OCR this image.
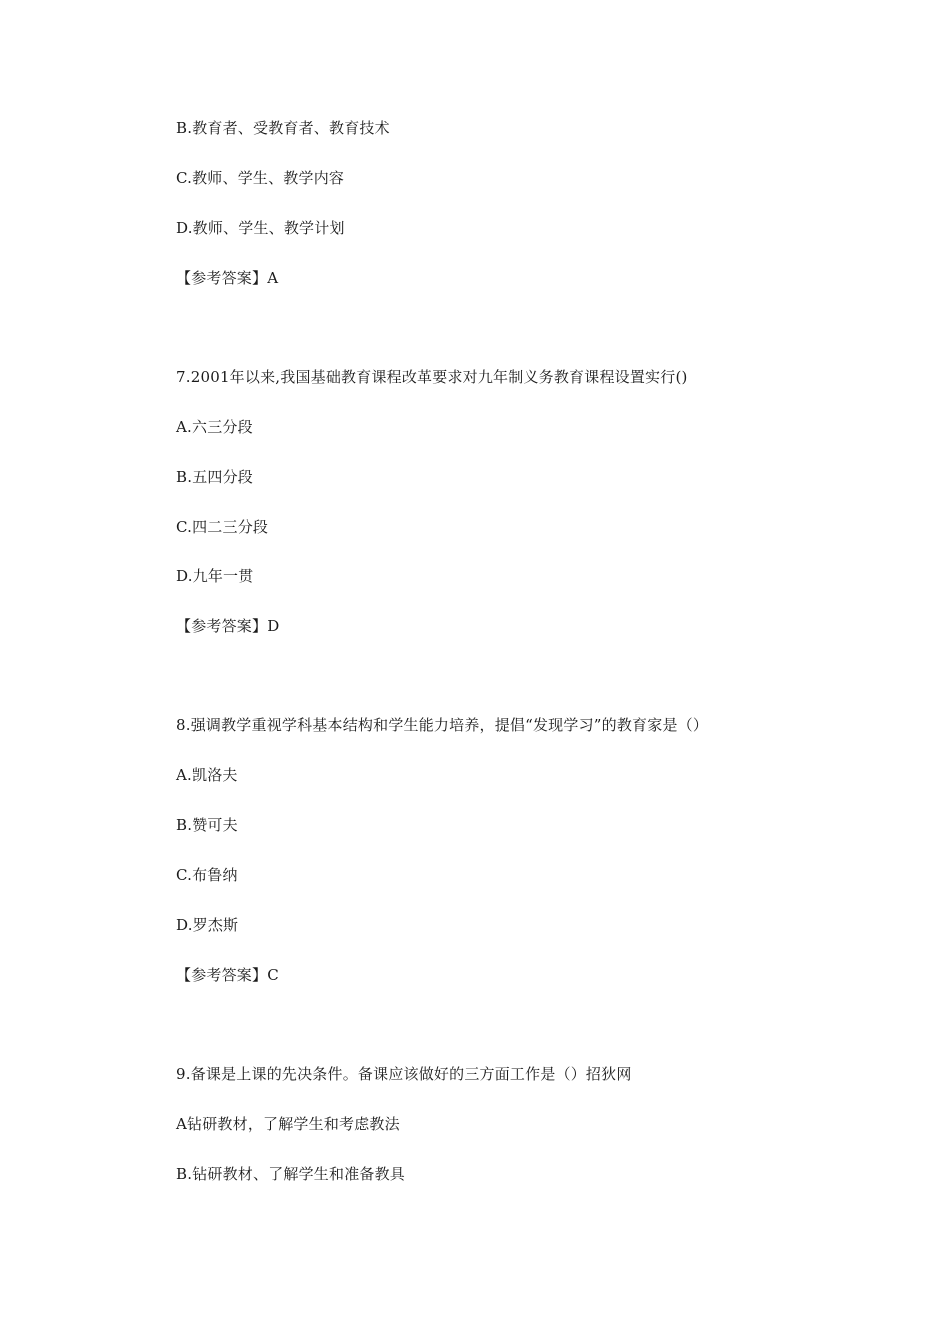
B.教育者、受教育者、教育技术
C.教师、学生、教学内容
D.教师、学生、教学计划
【参考答案】A
7.2001年以来,我国基础教育课程改革要求对九年制义务教育课程设置实行()
A.六三分段
B.五四分段
C.四二三分段
D.九年一贯
【参考答案】D
8.强调教学重视学科基本结构和学生能力培养，提倡“发现学习”的教育家是（）
A.凯洛夫
B.赞可夫
C.布鲁纳
D.罗杰斯
【参考答案】C
9.备课是上课的先决条件。备课应该做好的三方面工作是（）招狄网
A钻研教材，了解学生和考虑教法
B.钻研教材、了解学生和准备教具
